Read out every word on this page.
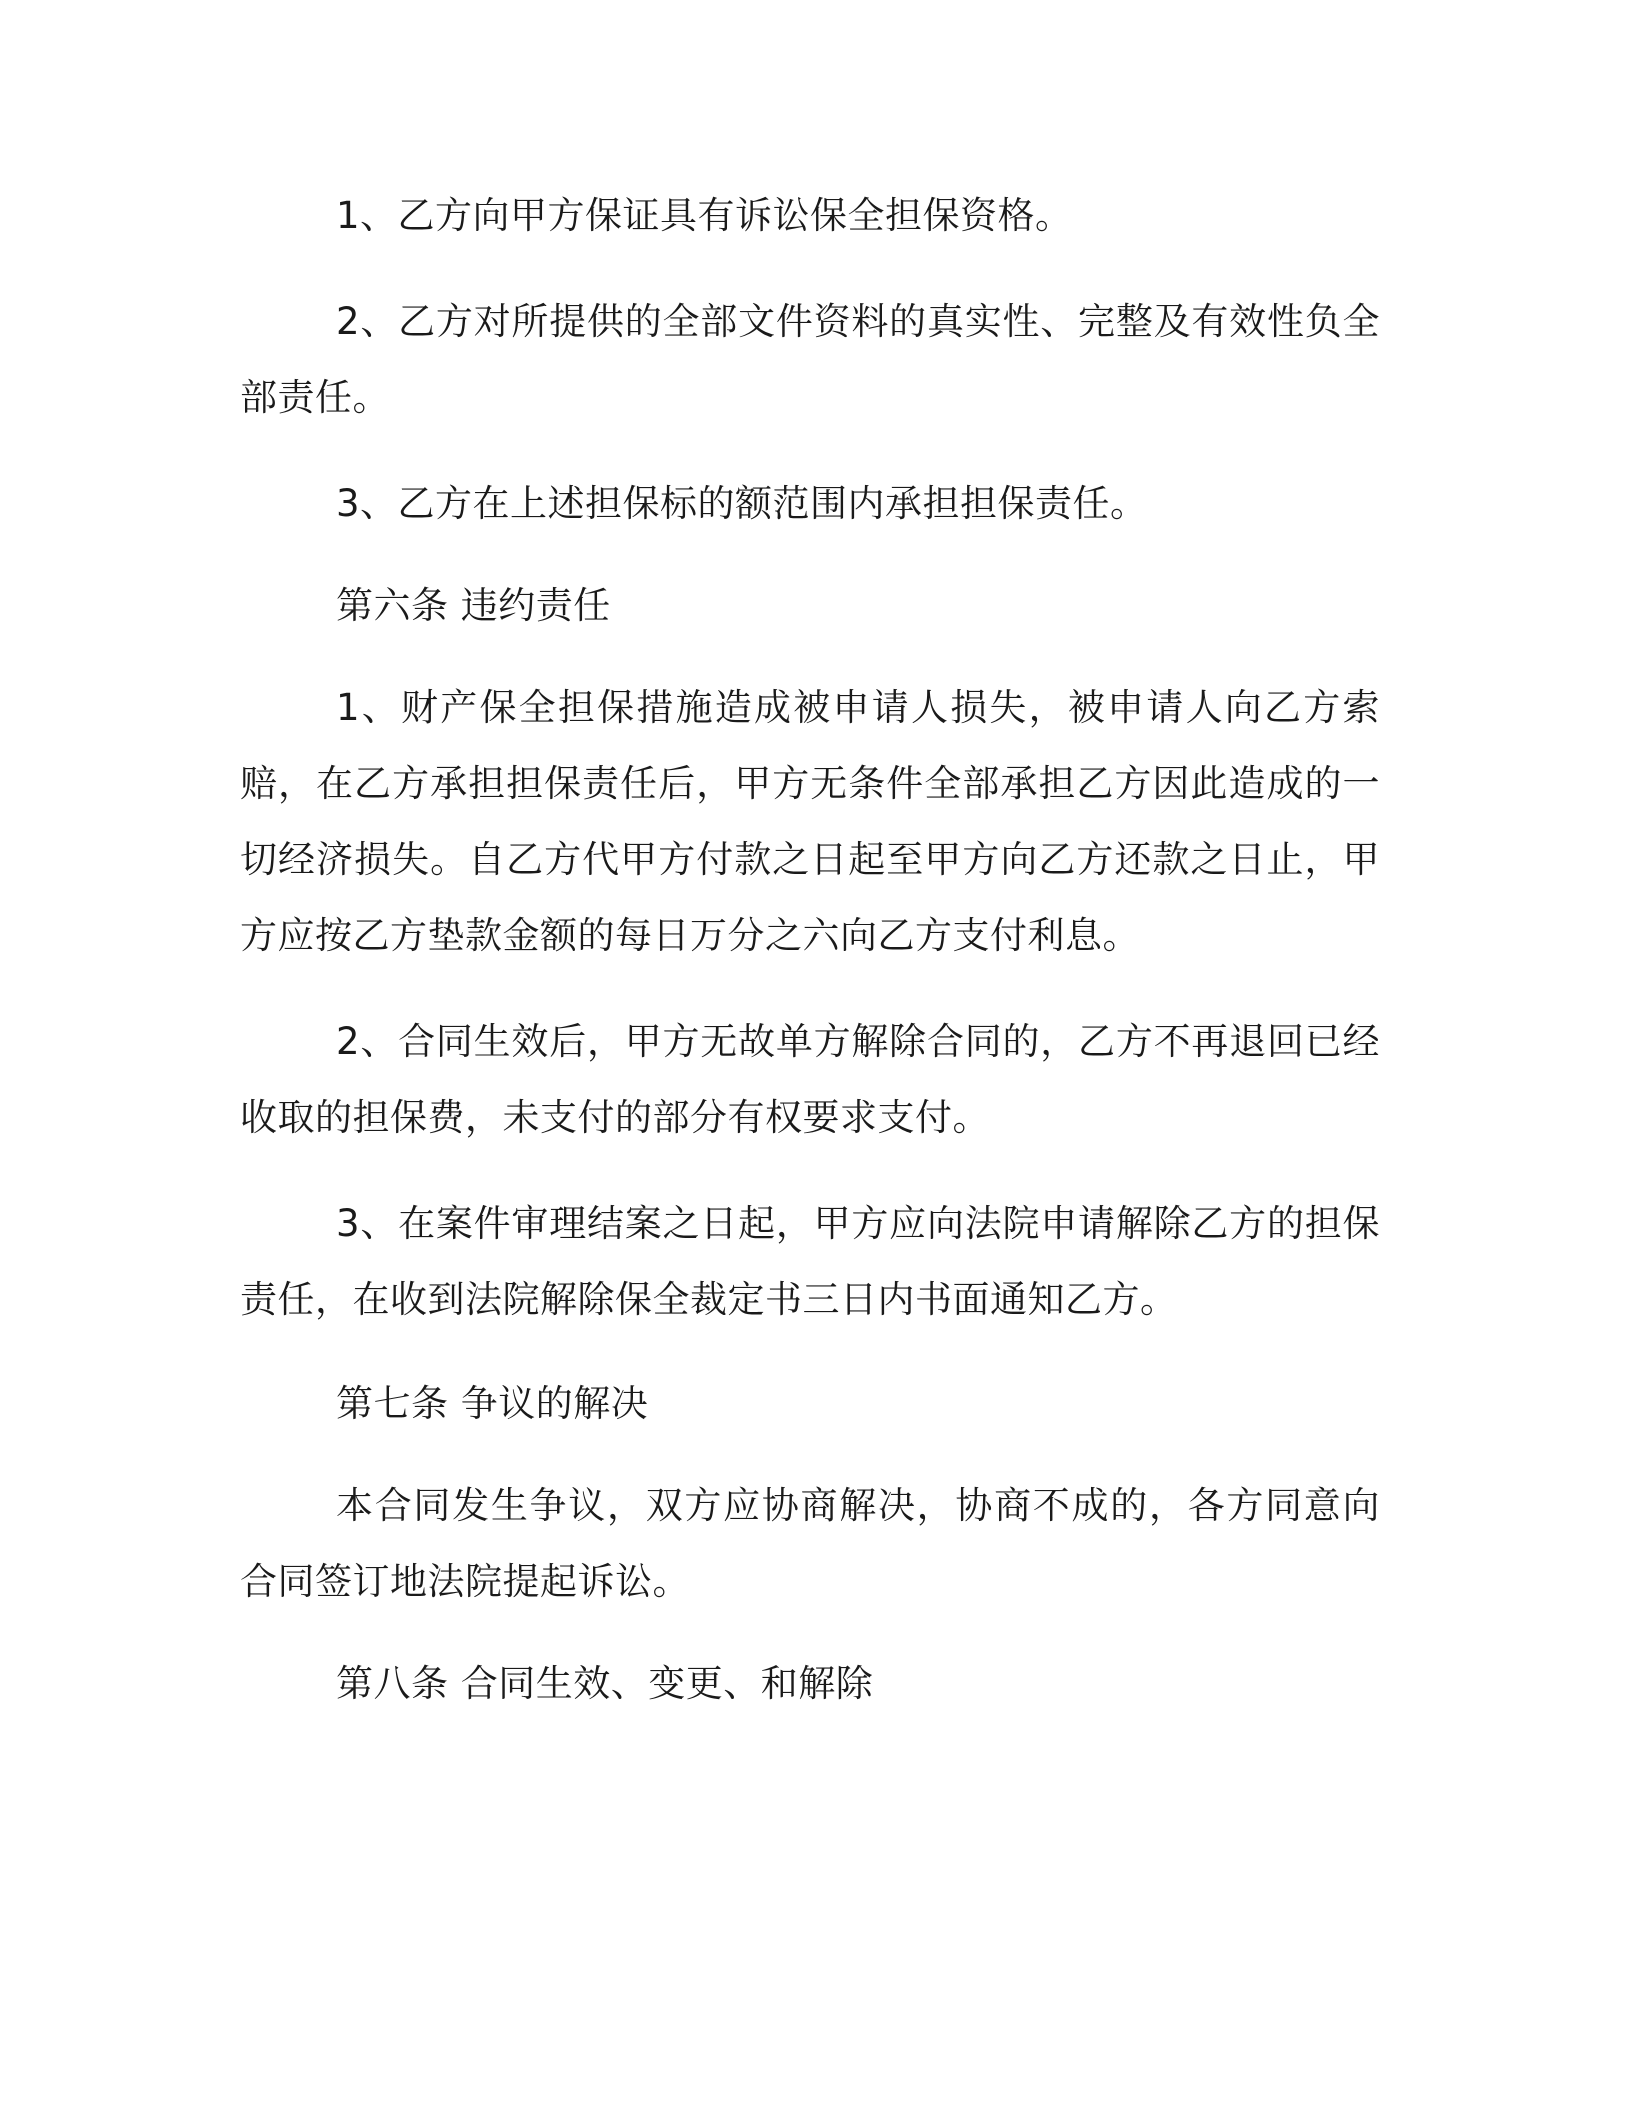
1、乙方向甲方保证具有诉讼保全担保资格。

2、乙方对所提供的全部文件资料的真实性、完整及有效性负全部责任。

3、乙方在上述担保标的额范围内承担担保责任。

第六条 违约责任

1、财产保全担保措施造成被申请人损失，被申请人向乙方索赔，在乙方承担担保责任后，甲方无条件全部承担乙方因此造成的一切经济损失。自乙方代甲方付款之日起至甲方向乙方还款之日止，甲方应按乙方垫款金额的每日万分之六向乙方支付利息。

2、合同生效后，甲方无故单方解除合同的，乙方不再退回已经收取的担保费，未支付的部分有权要求支付。

3、在案件审理结案之日起，甲方应向法院申请解除乙方的担保责任，在收到法院解除保全裁定书三日内书面通知乙方。

第七条 争议的解决

本合同发生争议，双方应协商解决，协商不成的，各方同意向合同签订地法院提起诉讼。

第八条 合同生效、变更、和解除
